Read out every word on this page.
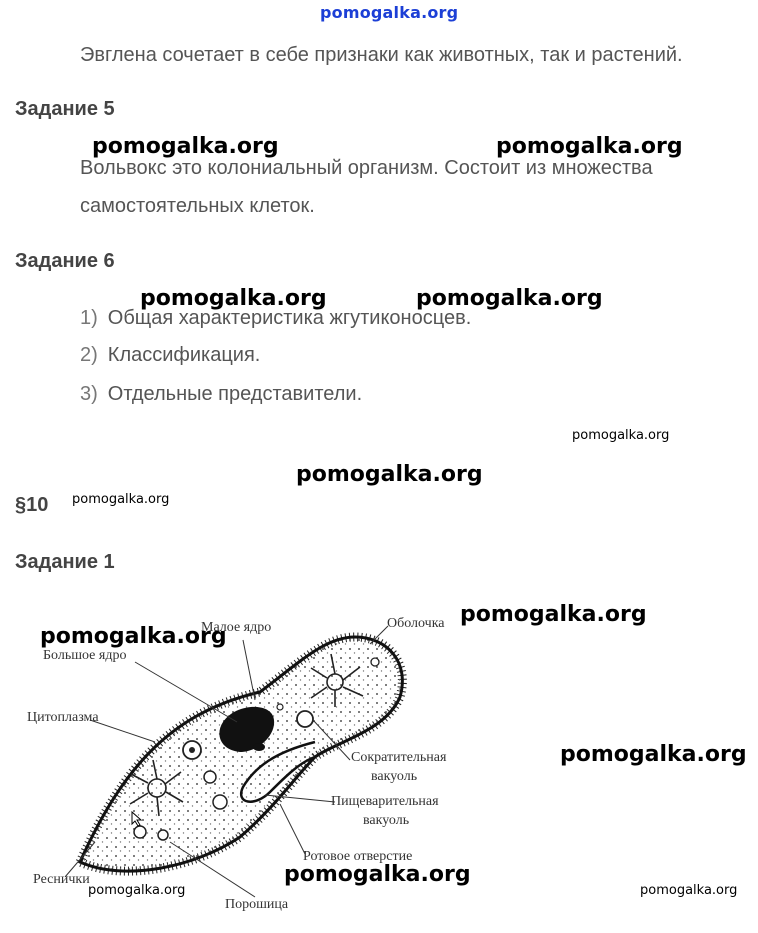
pomogalka.org
Эвглена сочетает в себе признаки как животных, так и растений.
Задание 5
Вольвокс это колониальный организм. Состоит из множества
самостоятельных клеток.
Задание 6
1) Общая характеристика жгутиконосцев.
2) Классификация.
3) Отдельные представители.
§10
Задание 1
Малое ядро	Оболочка
Большое ядро
Цитоплазма
Сократительная
вакуоль
Пищеварительная
вакуоль
Ротовое отверстие
Реснички
Порошица
pomogalka.org	pomogalka.org
pomogalka.org	pomogalka.org
pomogalka.org
pomogalka.org
pomogalka.org
pomogalka.org
pomogalka.org
pomogalka.org
pomogalka.org
pomogalka.org	pomogalka.org
